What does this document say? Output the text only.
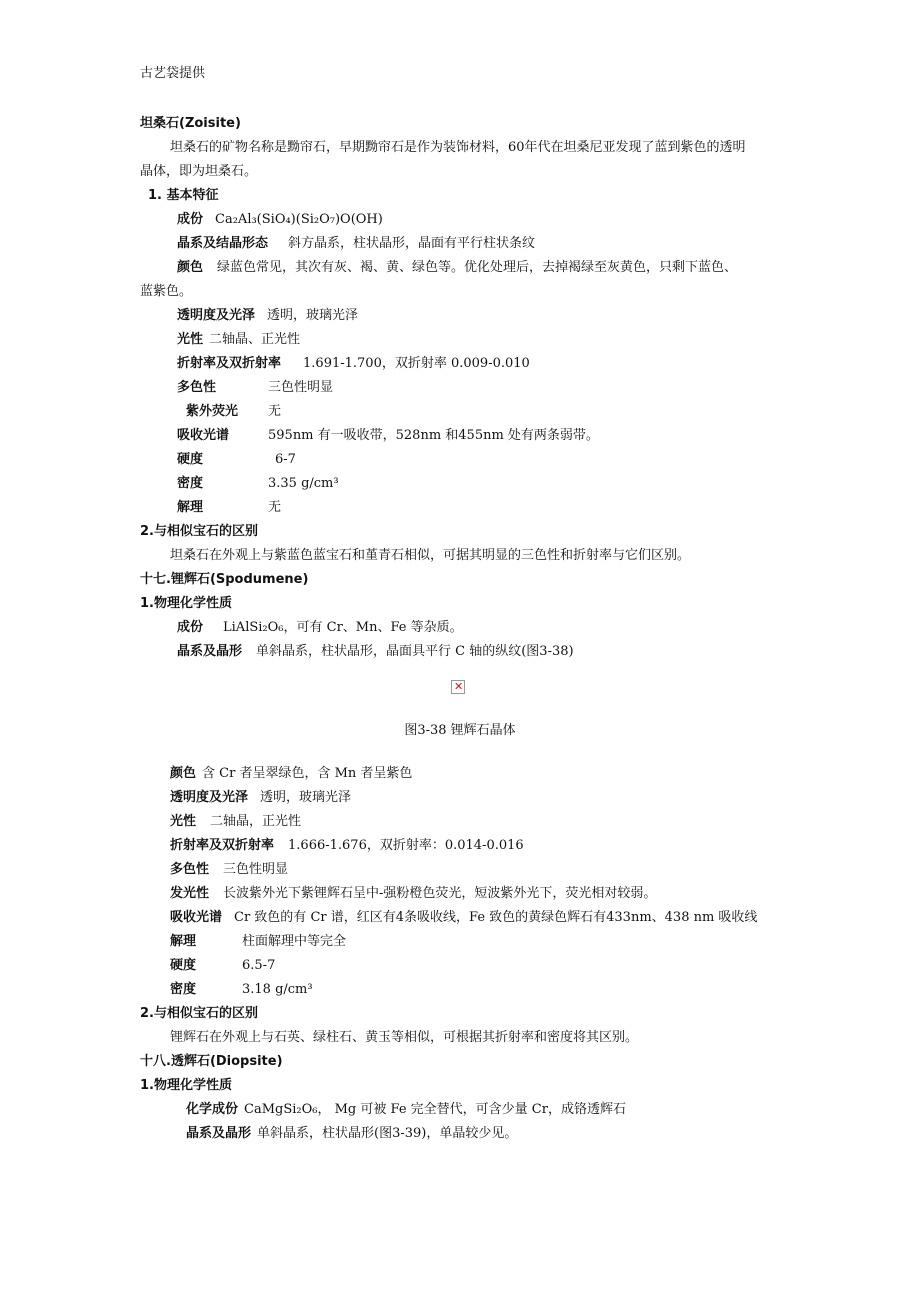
古艺袋提供
坦桑石(Zoisite)
坦桑石的矿物名称是黝帘石，早期黝帘石是作为装饰材料，60年代在坦桑尼亚发现了蓝到紫色的透明
晶体，即为坦桑石。
1. 基本特征
成份 Ca₂Al₃(SiO₄)(Si₂O₇)O(OH)
晶系及结晶形态 斜方晶系，柱状晶形，晶面有平行柱状条纹
颜色 绿蓝色常见，其次有灰、褐、黄、绿色等。优化处理后，去掉褐绿至灰黄色，只剩下蓝色、
蓝紫色。
透明度及光泽 透明，玻璃光泽
光性 二轴晶、正光性
折射率及双折射率 1.691-1.700，双折射率 0.009-0.010
多色性	三色性明显
紫外荧光 无
吸收光谱	595nm 有一吸收带，528nm 和455nm 处有两条弱带。
硬度	6-7
密度	3.35 g/cm³
解理	无
2.与相似宝石的区别
坦桑石在外观上与紫蓝色蓝宝石和堇青石相似，可据其明显的三色性和折射率与它们区别。
十七.锂辉石(Spodumene)
1.物理化学性质
成份 LiAlSi₂O₆，可有 Cr、Mn、Fe 等杂质。
晶系及晶形 单斜晶系，柱状晶形，晶面具平行 C 轴的纵纹(图3-38)
✕
图3-38 锂辉石晶体
颜色 含 Cr 者呈翠绿色，含 Mn 者呈紫色
透明度及光泽 透明，玻璃光泽
光性 二轴晶，正光性
折射率及双折射率 1.666-1.676，双折射率：0.014-0.016
多色性 三色性明显
发光性 长波紫外光下紫锂辉石呈中-强粉橙色荧光，短波紫外光下，荧光相对较弱。
吸收光谱 Cr 致色的有 Cr 谱，红区有4条吸收线，Fe 致色的黄绿色辉石有433nm、438 nm 吸收线
解理	柱面解理中等完全
硬度	6.5-7
密度	3.18 g/cm³
2.与相似宝石的区别
锂辉石在外观上与石英、绿柱石、黄玉等相似，可根据其折射率和密度将其区别。
十八.透辉石(Diopsite)
1.物理化学性质
化学成份 CaMgSi₂O₆， Mg 可被 Fe 完全替代，可含少量 Cr，成铬透辉石
晶系及晶形 单斜晶系，柱状晶形(图3-39)，单晶较少见。
